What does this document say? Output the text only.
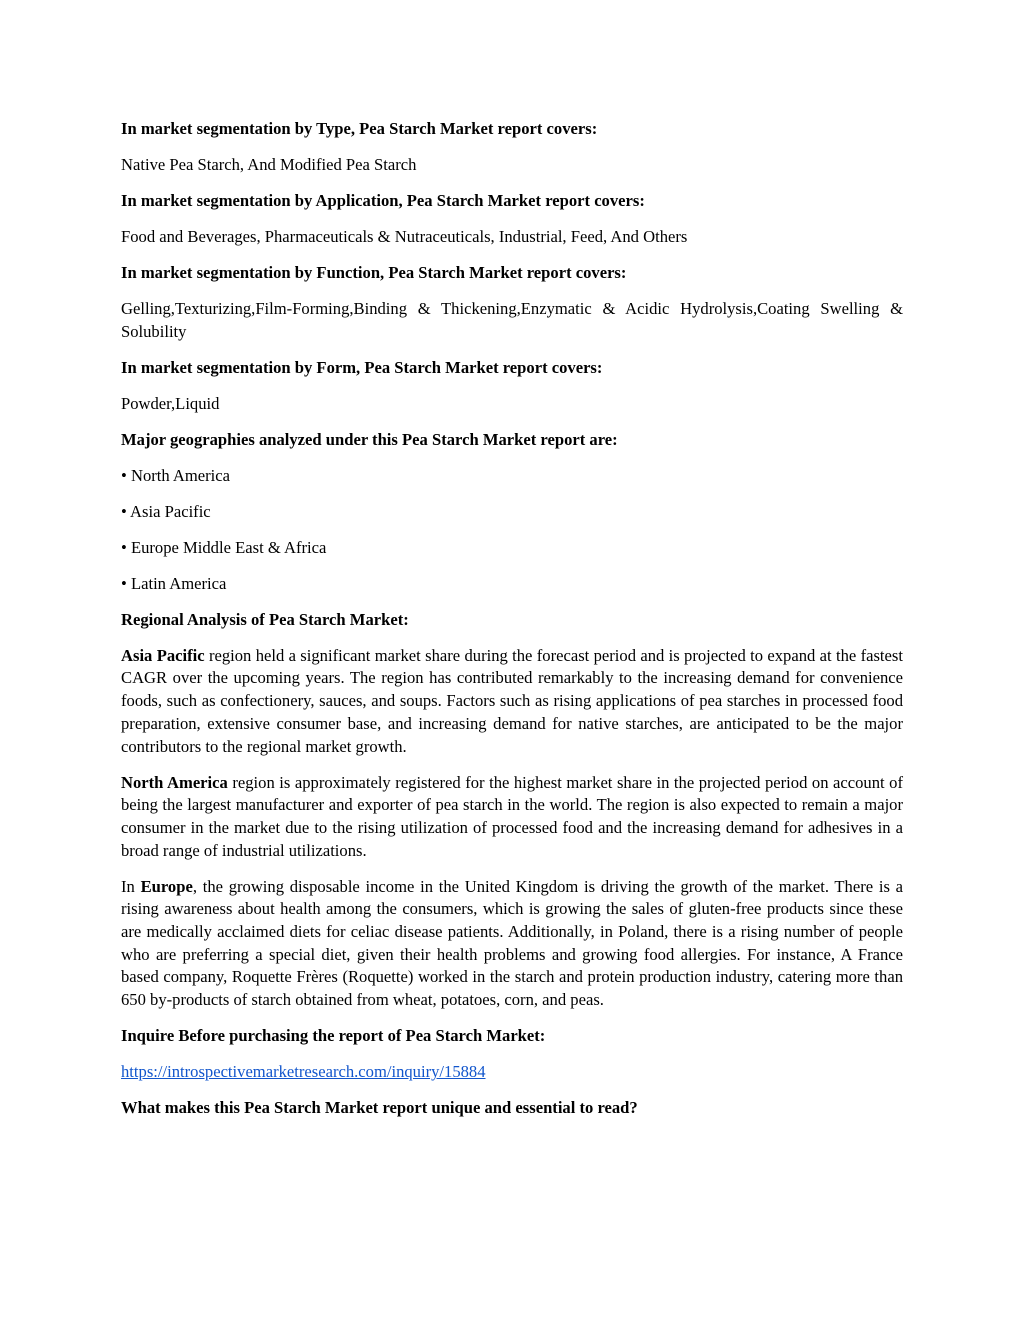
In market segmentation by Type, Pea Starch Market report covers:

Native Pea Starch, And Modified Pea Starch

In market segmentation by Application, Pea Starch Market report covers:

Food and Beverages, Pharmaceuticals & Nutraceuticals, Industrial, Feed, And Others

In market segmentation by Function, Pea Starch Market report covers:

Gelling,Texturizing,Film-Forming,Binding & Thickening,Enzymatic & Acidic Hydrolysis,Coating Swelling & Solubility

In market segmentation by Form, Pea Starch Market report covers:

Powder,Liquid

Major geographies analyzed under this Pea Starch Market report are:

• North America

• Asia Pacific

• Europe Middle East & Africa

• Latin America

Regional Analysis of Pea Starch Market:

Asia Pacific region held a significant market share during the forecast period and is projected to expand at the fastest CAGR over the upcoming years. The region has contributed remarkably to the increasing demand for convenience foods, such as confectionery, sauces, and soups. Factors such as rising applications of pea starches in processed food preparation, extensive consumer base, and increasing demand for native starches, are anticipated to be the major contributors to the regional market growth.

North America region is approximately registered for the highest market share in the projected period on account of being the largest manufacturer and exporter of pea starch in the world. The region is also expected to remain a major consumer in the market due to the rising utilization of processed food and the increasing demand for adhesives in a broad range of industrial utilizations.

In Europe, the growing disposable income in the United Kingdom is driving the growth of the market. There is a rising awareness about health among the consumers, which is growing the sales of gluten-free products since these are medically acclaimed diets for celiac disease patients. Additionally, in Poland, there is a rising number of people who are preferring a special diet, given their health problems and growing food allergies. For instance, A France based company, Roquette Frères (Roquette) worked in the starch and protein production industry, catering more than 650 by-products of starch obtained from wheat, potatoes, corn, and peas.

Inquire Before purchasing the report of Pea Starch Market:

https://introspectivemarketresearch.com/inquiry/15884

What makes this Pea Starch Market report unique and essential to read?
